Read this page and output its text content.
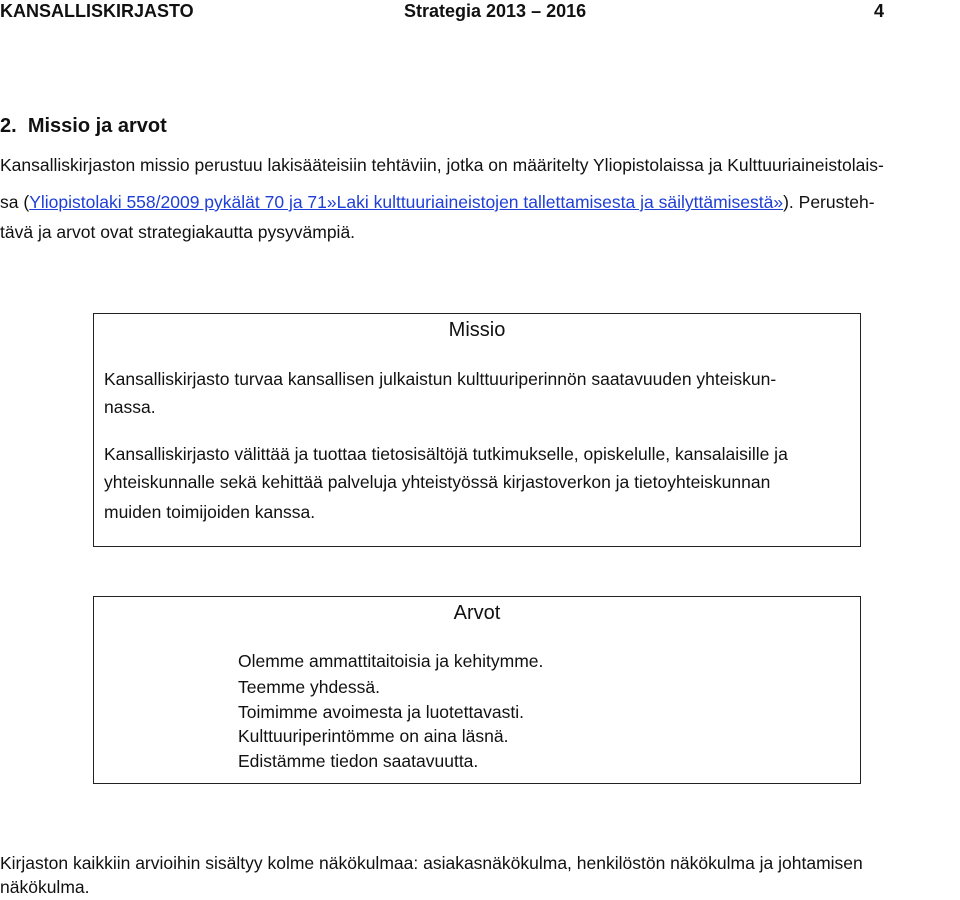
KANSALLISKIRJASTO	Strategia 2013 – 2016	4
2. Missio ja arvot
Kansalliskirjaston missio perustuu lakisääteisiin tehtäviin, jotka on määritelty Yliopistolaissa ja Kulttuuriaineistolais-
sa (Yliopistolaki 558/2009 pykälät 70 ja 71»Laki kulttuuriaineistojen tallettamisesta ja säilyttämisestä»). Perusteh-
tävä ja arvot ovat strategiakautta pysyvämpiä.
Missio
Kansalliskirjasto turvaa kansallisen julkaistun kulttuuriperinnön saatavuuden yhteiskun-
nassa.
Kansalliskirjasto välittää ja tuottaa tietosisältöjä tutkimukselle, opiskelulle, kansalaisille ja
yhteiskunnalle sekä kehittää palveluja yhteistyössä kirjastoverkon ja tietoyhteiskunnan
muiden toimijoiden kanssa.
Arvot
Olemme ammattitaitoisia ja kehitymme.
Teemme yhdessä.
Toimimme avoimesta ja luotettavasti.
Kulttuuriperintömme on aina läsnä.
Edistämme tiedon saatavuutta.
Kirjaston kaikkiin arvioihin sisältyy kolme näkökulmaa: asiakasnäkökulma, henkilöstön näkökulma ja johtamisen
näkökulma.
